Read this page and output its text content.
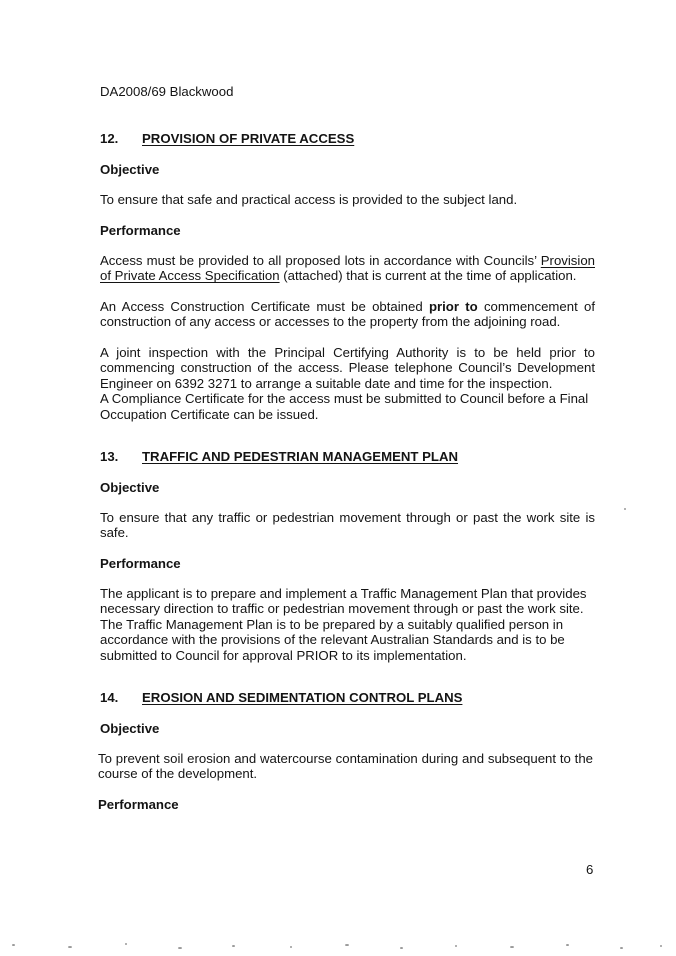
DA2008/69 Blackwood
12. PROVISION OF PRIVATE ACCESS
Objective
To ensure that safe and practical access is provided to the subject land.
Performance
Access must be provided to all proposed lots in accordance with Councils’ Provision of Private Access Specification (attached) that is current at the time of application.
An Access Construction Certificate must be obtained prior to commencement of construction of any access or accesses to the property from the adjoining road.
A joint inspection with the Principal Certifying Authority is to be held prior to commencing construction of the access. Please telephone Council’s Development Engineer on 6392 3271 to arrange a suitable date and time for the inspection.
A Compliance Certificate for the access must be submitted to Council before a Final Occupation Certificate can be issued.
13. TRAFFIC AND PEDESTRIAN MANAGEMENT PLAN
Objective
To ensure that any traffic or pedestrian movement through or past the work site is safe.
Performance
The applicant is to prepare and implement a Traffic Management Plan that provides necessary direction to traffic or pedestrian movement through or past the work site.
The Traffic Management Plan is to be prepared by a suitably qualified person in accordance with the provisions of the relevant Australian Standards and is to be submitted to Council for approval PRIOR to its implementation.
14. EROSION AND SEDIMENTATION CONTROL PLANS
Objective
To prevent soil erosion and watercourse contamination during and subsequent to the course of the development.
Performance
6
